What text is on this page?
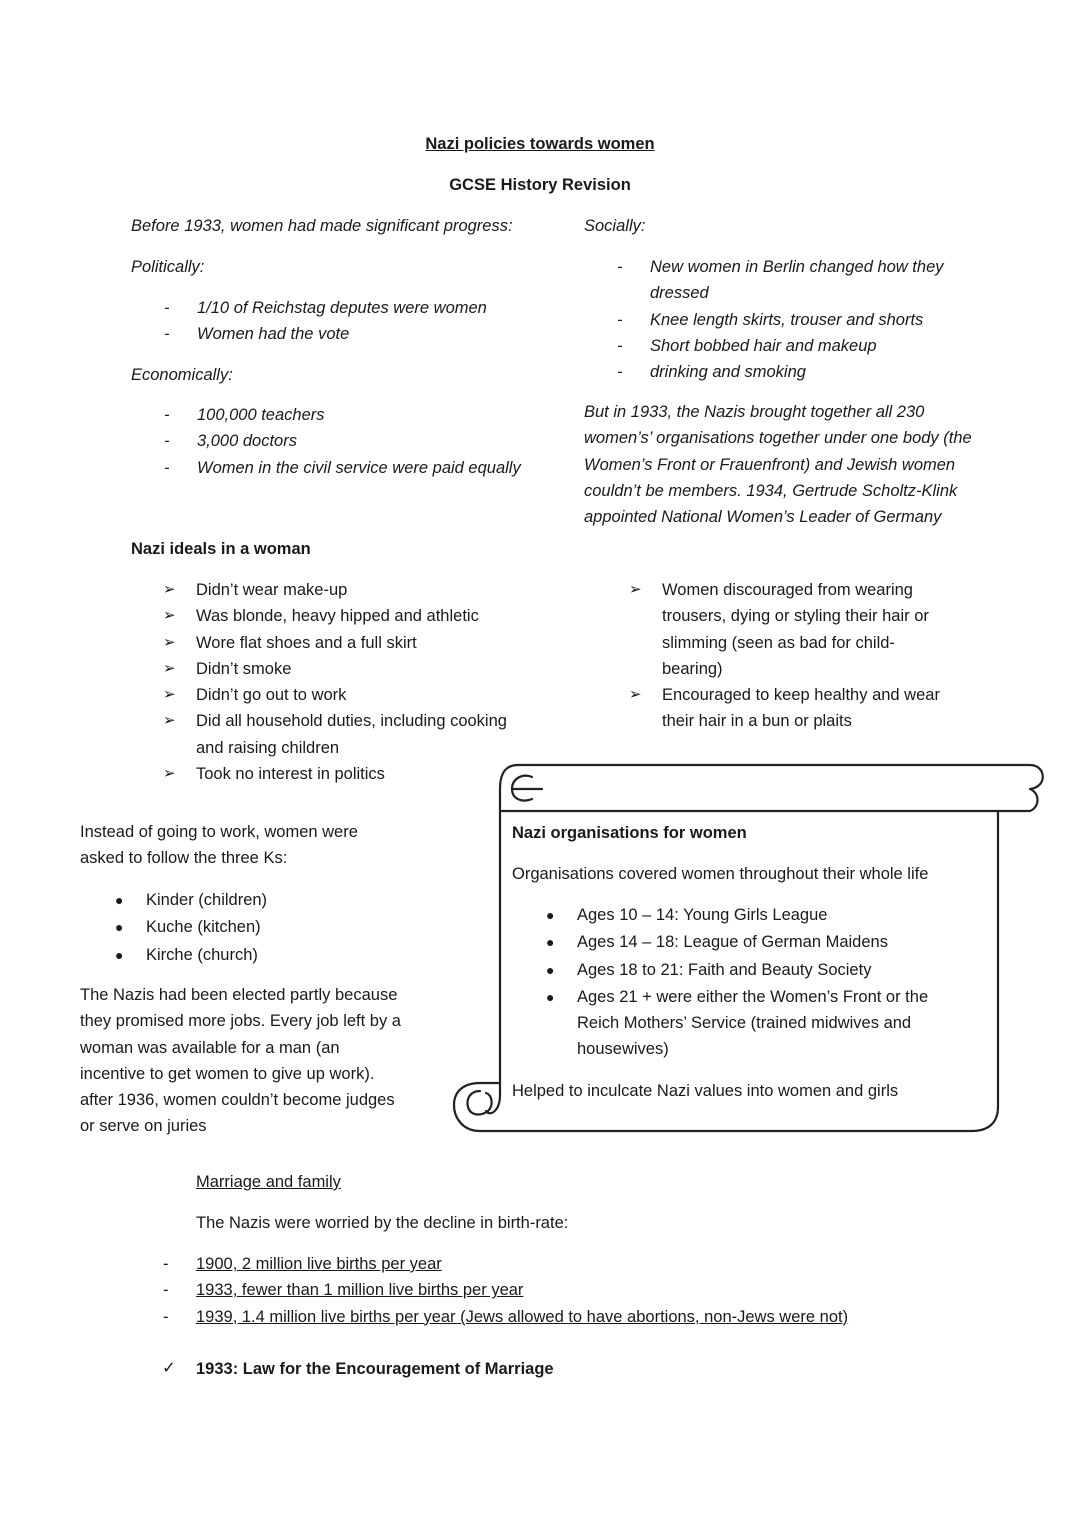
Nazi policies towards women
GCSE History Revision
Before 1933, women had made significant progress:
Politically:
- 1/10 of Reichstag deputes were women
- Women had the vote
Economically:
- 100,000 teachers
- 3,000 doctors
- Women in the civil service were paid equally
Socially:
- New women in Berlin changed how they
dressed
- Knee length skirts, trouser and shorts
- Short bobbed hair and makeup
- drinking and smoking
But in 1933, the Nazis brought together all 230
women’s’ organisations together under one body (the
Women’s Front or Frauenfront) and Jewish women
couldn’t be members. 1934, Gertrude Scholtz-Klink
appointed National Women’s Leader of Germany
Nazi ideals in a woman
➢ Didn’t wear make-up
➢ Was blonde, heavy hipped and athletic
➢ Wore flat shoes and a full skirt
➢ Didn’t smoke
➢ Didn’t go out to work
➢ Did all household duties, including cooking
and raising children
➢ Took no interest in politics
➢ Women discouraged from wearing
trousers, dying or styling their hair or
slimming (seen as bad for child-
bearing)
➢ Encouraged to keep healthy and wear
their hair in a bun or plaits
Instead of going to work, women were
asked to follow the three Ks:
● Kinder (children)
● Kuche (kitchen)
● Kirche (church)
The Nazis had been elected partly because
they promised more jobs. Every job left by a
woman was available for a man (an
incentive to get women to give up work).
after 1936, women couldn’t become judges
or serve on juries
Nazi organisations for women
Organisations covered women throughout their whole life
● Ages 10 – 14: Young Girls League
● Ages 14 – 18: League of German Maidens
● Ages 18 to 21: Faith and Beauty Society
● Ages 21 + were either the Women’s Front or the
Reich Mothers’ Service (trained midwives and
housewives)
Helped to inculcate Nazi values into women and girls
Marriage and family
The Nazis were worried by the decline in birth-rate:
- 1900, 2 million live births per year
- 1933, fewer than 1 million live births per year
- 1939, 1.4 million live births per year (Jews allowed to have abortions, non-Jews were not)
✓ 1933: Law for the Encouragement of Marriage
